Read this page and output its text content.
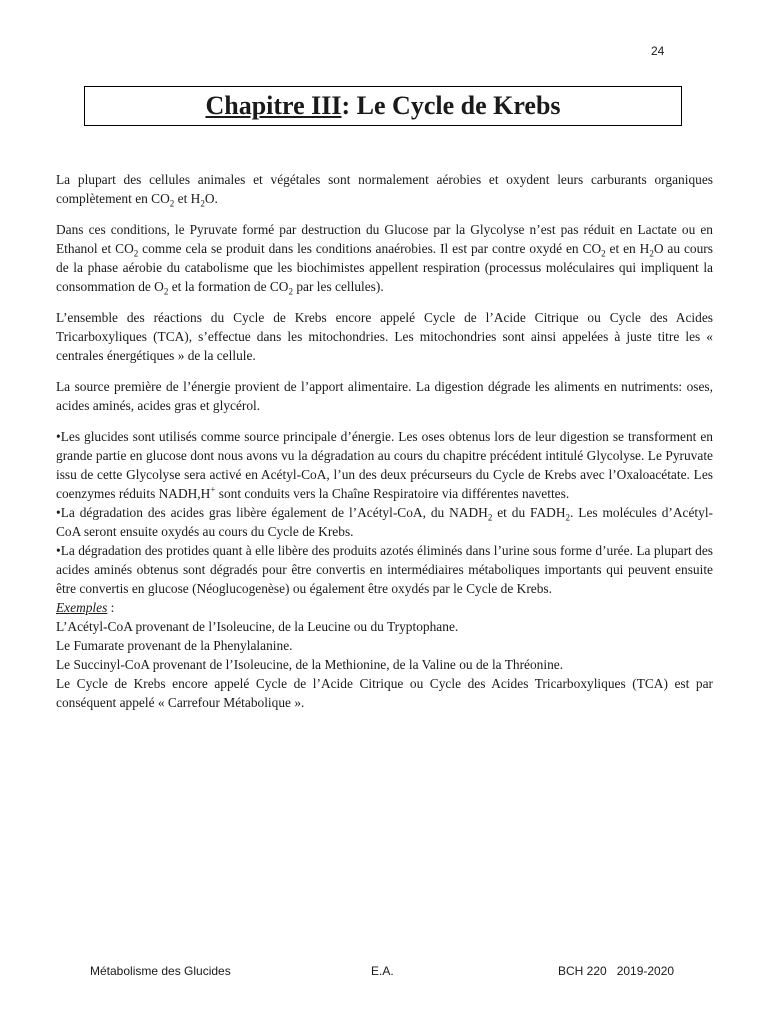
24
Chapitre III : Le Cycle de Krebs

La plupart des cellules animales et végétales sont normalement aérobies et oxydent leurs carburants organiques complètement en $CO_2$ et $H_2O$.

Dans ces conditions, le Pyruvate formé par destruction du Glucose par la Glycolyse n’est pas réduit en Lactate ou en Ethanol et $CO_2$ comme cela se produit dans les conditions anaérobies. Il est par contre oxydé en $CO_2$ et en $H_2O$ au cours de la phase aérobie du catabolisme que les biochimistes appellent respiration (processus moléculaires qui impliquent la consommation de $O_2$ et la formation de $CO_2$ par les cellules).

L’ensemble des réactions du Cycle de Krebs encore appelé Cycle de l’Acide Citrique ou Cycle des Acides Tricarboxyliques (TCA), s’effectue dans les mitochondries. Les mitochondries sont ainsi appelées à juste titre les « centrales énergétiques » de la cellule.

La source première de l’énergie provient de l’apport alimentaire. La digestion dégrade les aliments en nutriments: oses, acides aminés, acides gras et glycérol.

•Les glucides sont utilisés comme source principale d’énergie. Les oses obtenus lors de leur digestion se transforment en grande partie en glucose dont nous avons vu la dégradation au cours du chapitre précédent intitulé Glycolyse. Le Pyruvate issu de cette Glycolyse sera activé en Acétyl-CoA, l’un des deux précurseurs du Cycle de Krebs avec l’Oxaloacétate. Les coenzymes réduits NADH,H+ sont conduits vers la Chaîne Respiratoire via différentes navettes.

•La dégradation des acides gras libère également de l’Acétyl-CoA, du $NADH_2$ et du $FADH_2$. Les molécules d’Acétyl-CoA seront ensuite oxydés au cours du Cycle de Krebs.

•La dégradation des protides quant à elle libère des produits azotés éliminés dans l’urine sous forme d’urée. La plupart des acides aminés obtenus sont dégradés pour être convertis en intermédiaires métaboliques importants qui peuvent ensuite être convertis en glucose (Néoglucogenèse) ou également être oxydés par le Cycle de Krebs.

Exemples :

L’Acétyl-CoA provenant de l’Isoleucine, de la Leucine ou du Tryptophane.

Le Fumarate provenant de la Phenylalanine.

Le Succinyl-CoA provenant de l’Isoleucine, de la Methionine, de la Valine ou de la Thréonine.

Le Cycle de Krebs encore appelé Cycle de l’Acide Citrique ou Cycle des Acides Tricarboxyliques (TCA) est par conséquent appelé « Carrefour Métabolique ».

Métabolisme des Glucides	E.A.	BCH 220   2019-2020
